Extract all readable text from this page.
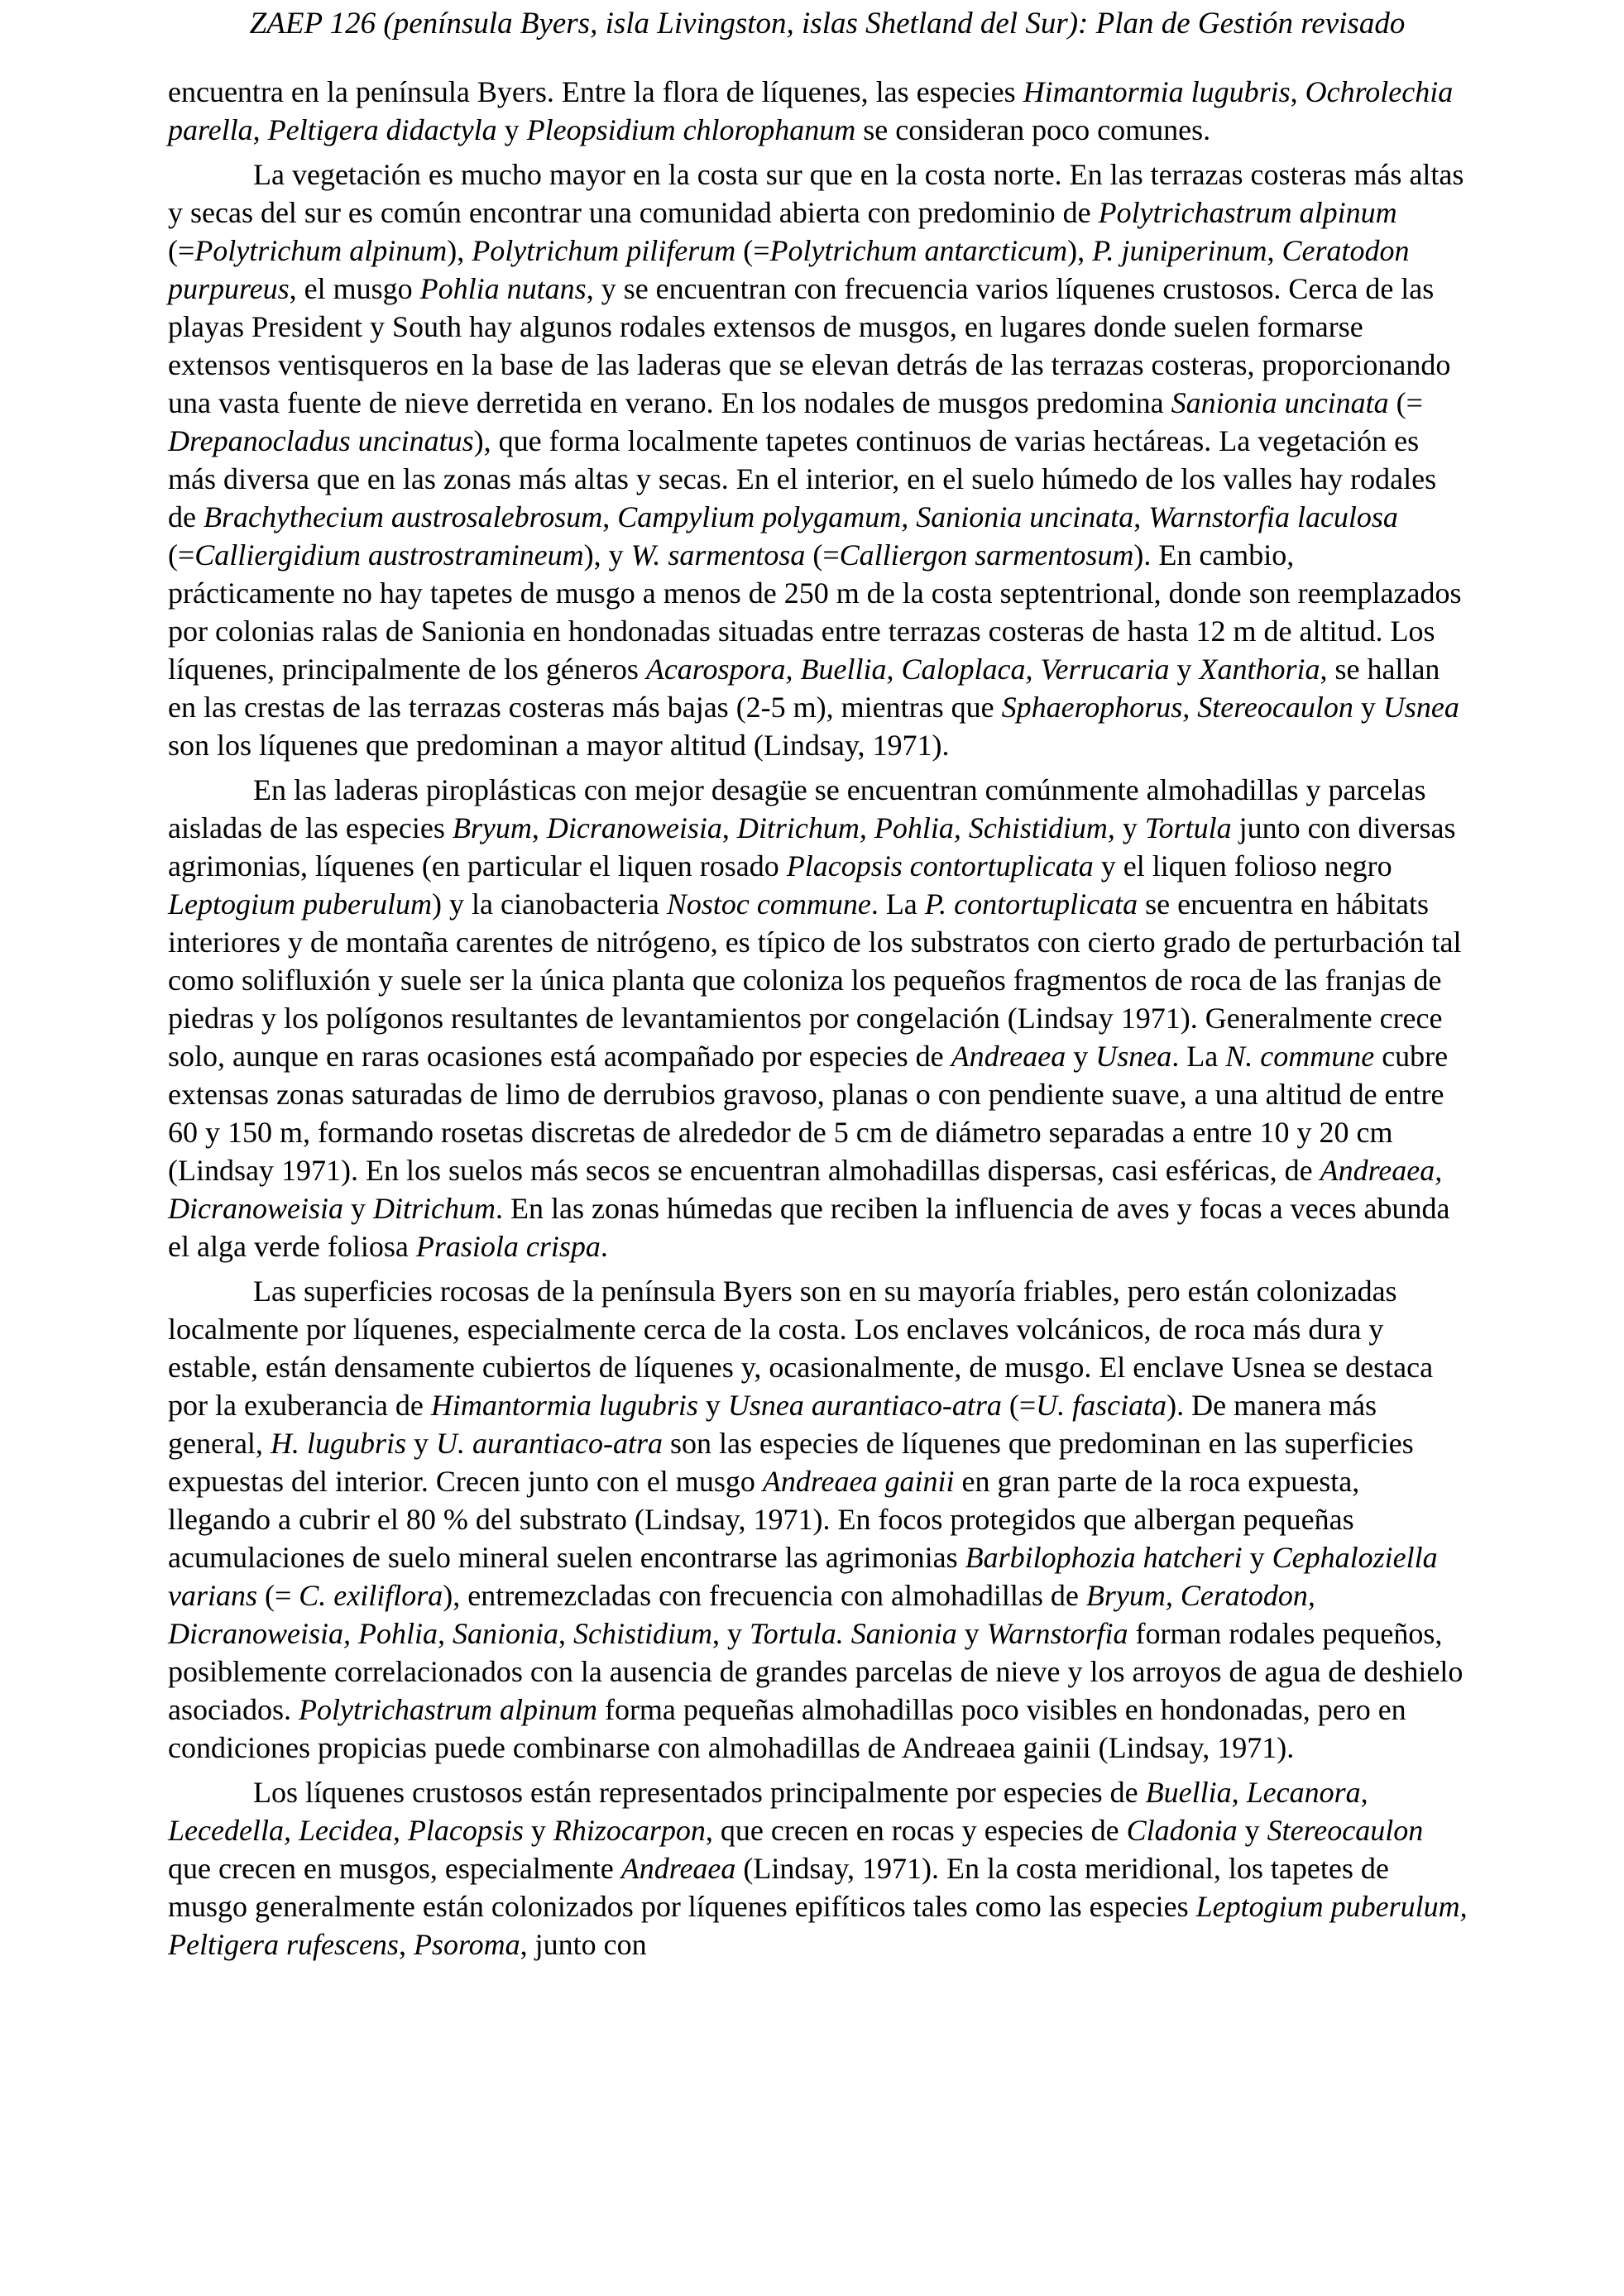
ZAEP 126 (península Byers, isla Livingston, islas Shetland del Sur): Plan de Gestión revisado

encuentra en la península Byers. Entre la flora de líquenes, las especies Himantormia lugubris, Ochrolechia parella, Peltigera didactyla y Pleopsidium chlorophanum se consideran poco comunes.

La vegetación es mucho mayor en la costa sur que en la costa norte. En las terrazas costeras más altas y secas del sur es común encontrar una comunidad abierta con predominio de Polytrichastrum alpinum (=Polytrichum alpinum), Polytrichum piliferum (=Polytrichum antarcticum), P. juniperinum, Ceratodon purpureus, el musgo Pohlia nutans, y se encuentran con frecuencia varios líquenes crustosos. Cerca de las playas President y South hay algunos rodales extensos de musgos, en lugares donde suelen formarse extensos ventisqueros en la base de las laderas que se elevan detrás de las terrazas costeras, proporcionando una vasta fuente de nieve derretida en verano. En los nodales de musgos predomina Sanionia uncinata (= Drepanocladus uncinatus), que forma localmente tapetes continuos de varias hectáreas. La vegetación es más diversa que en las zonas más altas y secas. En el interior, en el suelo húmedo de los valles hay rodales de Brachythecium austrosalebrosum, Campylium polygamum, Sanionia uncinata, Warnstorfia laculosa (=Calliergidium austrostramineum), y W. sarmentosa (=Calliergon sarmentosum). En cambio, prácticamente no hay tapetes de musgo a menos de 250 m de la costa septentrional, donde son reemplazados por colonias ralas de Sanionia en hondonadas situadas entre terrazas costeras de hasta 12 m de altitud. Los líquenes, principalmente de los géneros Acarospora, Buellia, Caloplaca, Verrucaria y Xanthoria, se hallan en las crestas de las terrazas costeras más bajas (2-5 m), mientras que Sphaerophorus, Stereocaulon y Usnea son los líquenes que predominan a mayor altitud (Lindsay, 1971).

En las laderas piroplásticas con mejor desagüe se encuentran comúnmente almohadillas y parcelas aisladas de las especies Bryum, Dicranoweisia, Ditrichum, Pohlia, Schistidium, y Tortula junto con diversas agrimonias, líquenes (en particular el liquen rosado Placopsis contortuplicata y el liquen folioso negro Leptogium puberulum) y la cianobacteria Nostoc commune. La P. contortuplicata se encuentra en hábitats interiores y de montaña carentes de nitrógeno, es típico de los substratos con cierto grado de perturbación tal como solifluxión y suele ser la única planta que coloniza los pequeños fragmentos de roca de las franjas de piedras y los polígonos resultantes de levantamientos por congelación (Lindsay 1971). Generalmente crece solo, aunque en raras ocasiones está acompañado por especies de Andreaea y Usnea. La N. commune cubre extensas zonas saturadas de limo de derrubios gravoso, planas o con pendiente suave, a una altitud de entre 60 y 150 m, formando rosetas discretas de alrededor de 5 cm de diámetro separadas a entre 10 y 20 cm (Lindsay 1971). En los suelos más secos se encuentran almohadillas dispersas, casi esféricas, de Andreaea, Dicranoweisia y Ditrichum. En las zonas húmedas que reciben la influencia de aves y focas a veces abunda el alga verde foliosa Prasiola crispa.

Las superficies rocosas de la península Byers son en su mayoría friables, pero están colonizadas localmente por líquenes, especialmente cerca de la costa. Los enclaves volcánicos, de roca más dura y estable, están densamente cubiertos de líquenes y, ocasionalmente, de musgo. El enclave Usnea se destaca por la exuberancia de Himantormia lugubris y Usnea aurantiaco-atra (=U. fasciata). De manera más general, H. lugubris y U. aurantiaco-atra son las especies de líquenes que predominan en las superficies expuestas del interior. Crecen junto con el musgo Andreaea gainii en gran parte de la roca expuesta, llegando a cubrir el 80 % del substrato (Lindsay, 1971). En focos protegidos que albergan pequeñas acumulaciones de suelo mineral suelen encontrarse las agrimonias Barbilophozia hatcheri y Cephaloziella varians (= C. exiliflora), entremezcladas con frecuencia con almohadillas de Bryum, Ceratodon, Dicranoweisia, Pohlia, Sanionia, Schistidium, y Tortula. Sanionia y Warnstorfia forman rodales pequeños, posiblemente correlacionados con la ausencia de grandes parcelas de nieve y los arroyos de agua de deshielo asociados. Polytrichastrum alpinum forma pequeñas almohadillas poco visibles en hondonadas, pero en condiciones propicias puede combinarse con almohadillas de Andreaea gainii (Lindsay, 1971).

Los líquenes crustosos están representados principalmente por especies de Buellia, Lecanora, Lecedella, Lecidea, Placopsis y Rhizocarpon, que crecen en rocas y especies de Cladonia y Stereocaulon que crecen en musgos, especialmente Andreaea (Lindsay, 1971). En la costa meridional, los tapetes de musgo generalmente están colonizados por líquenes epifíticos tales como las especies Leptogium puberulum, Peltigera rufescens, Psoroma, junto con
